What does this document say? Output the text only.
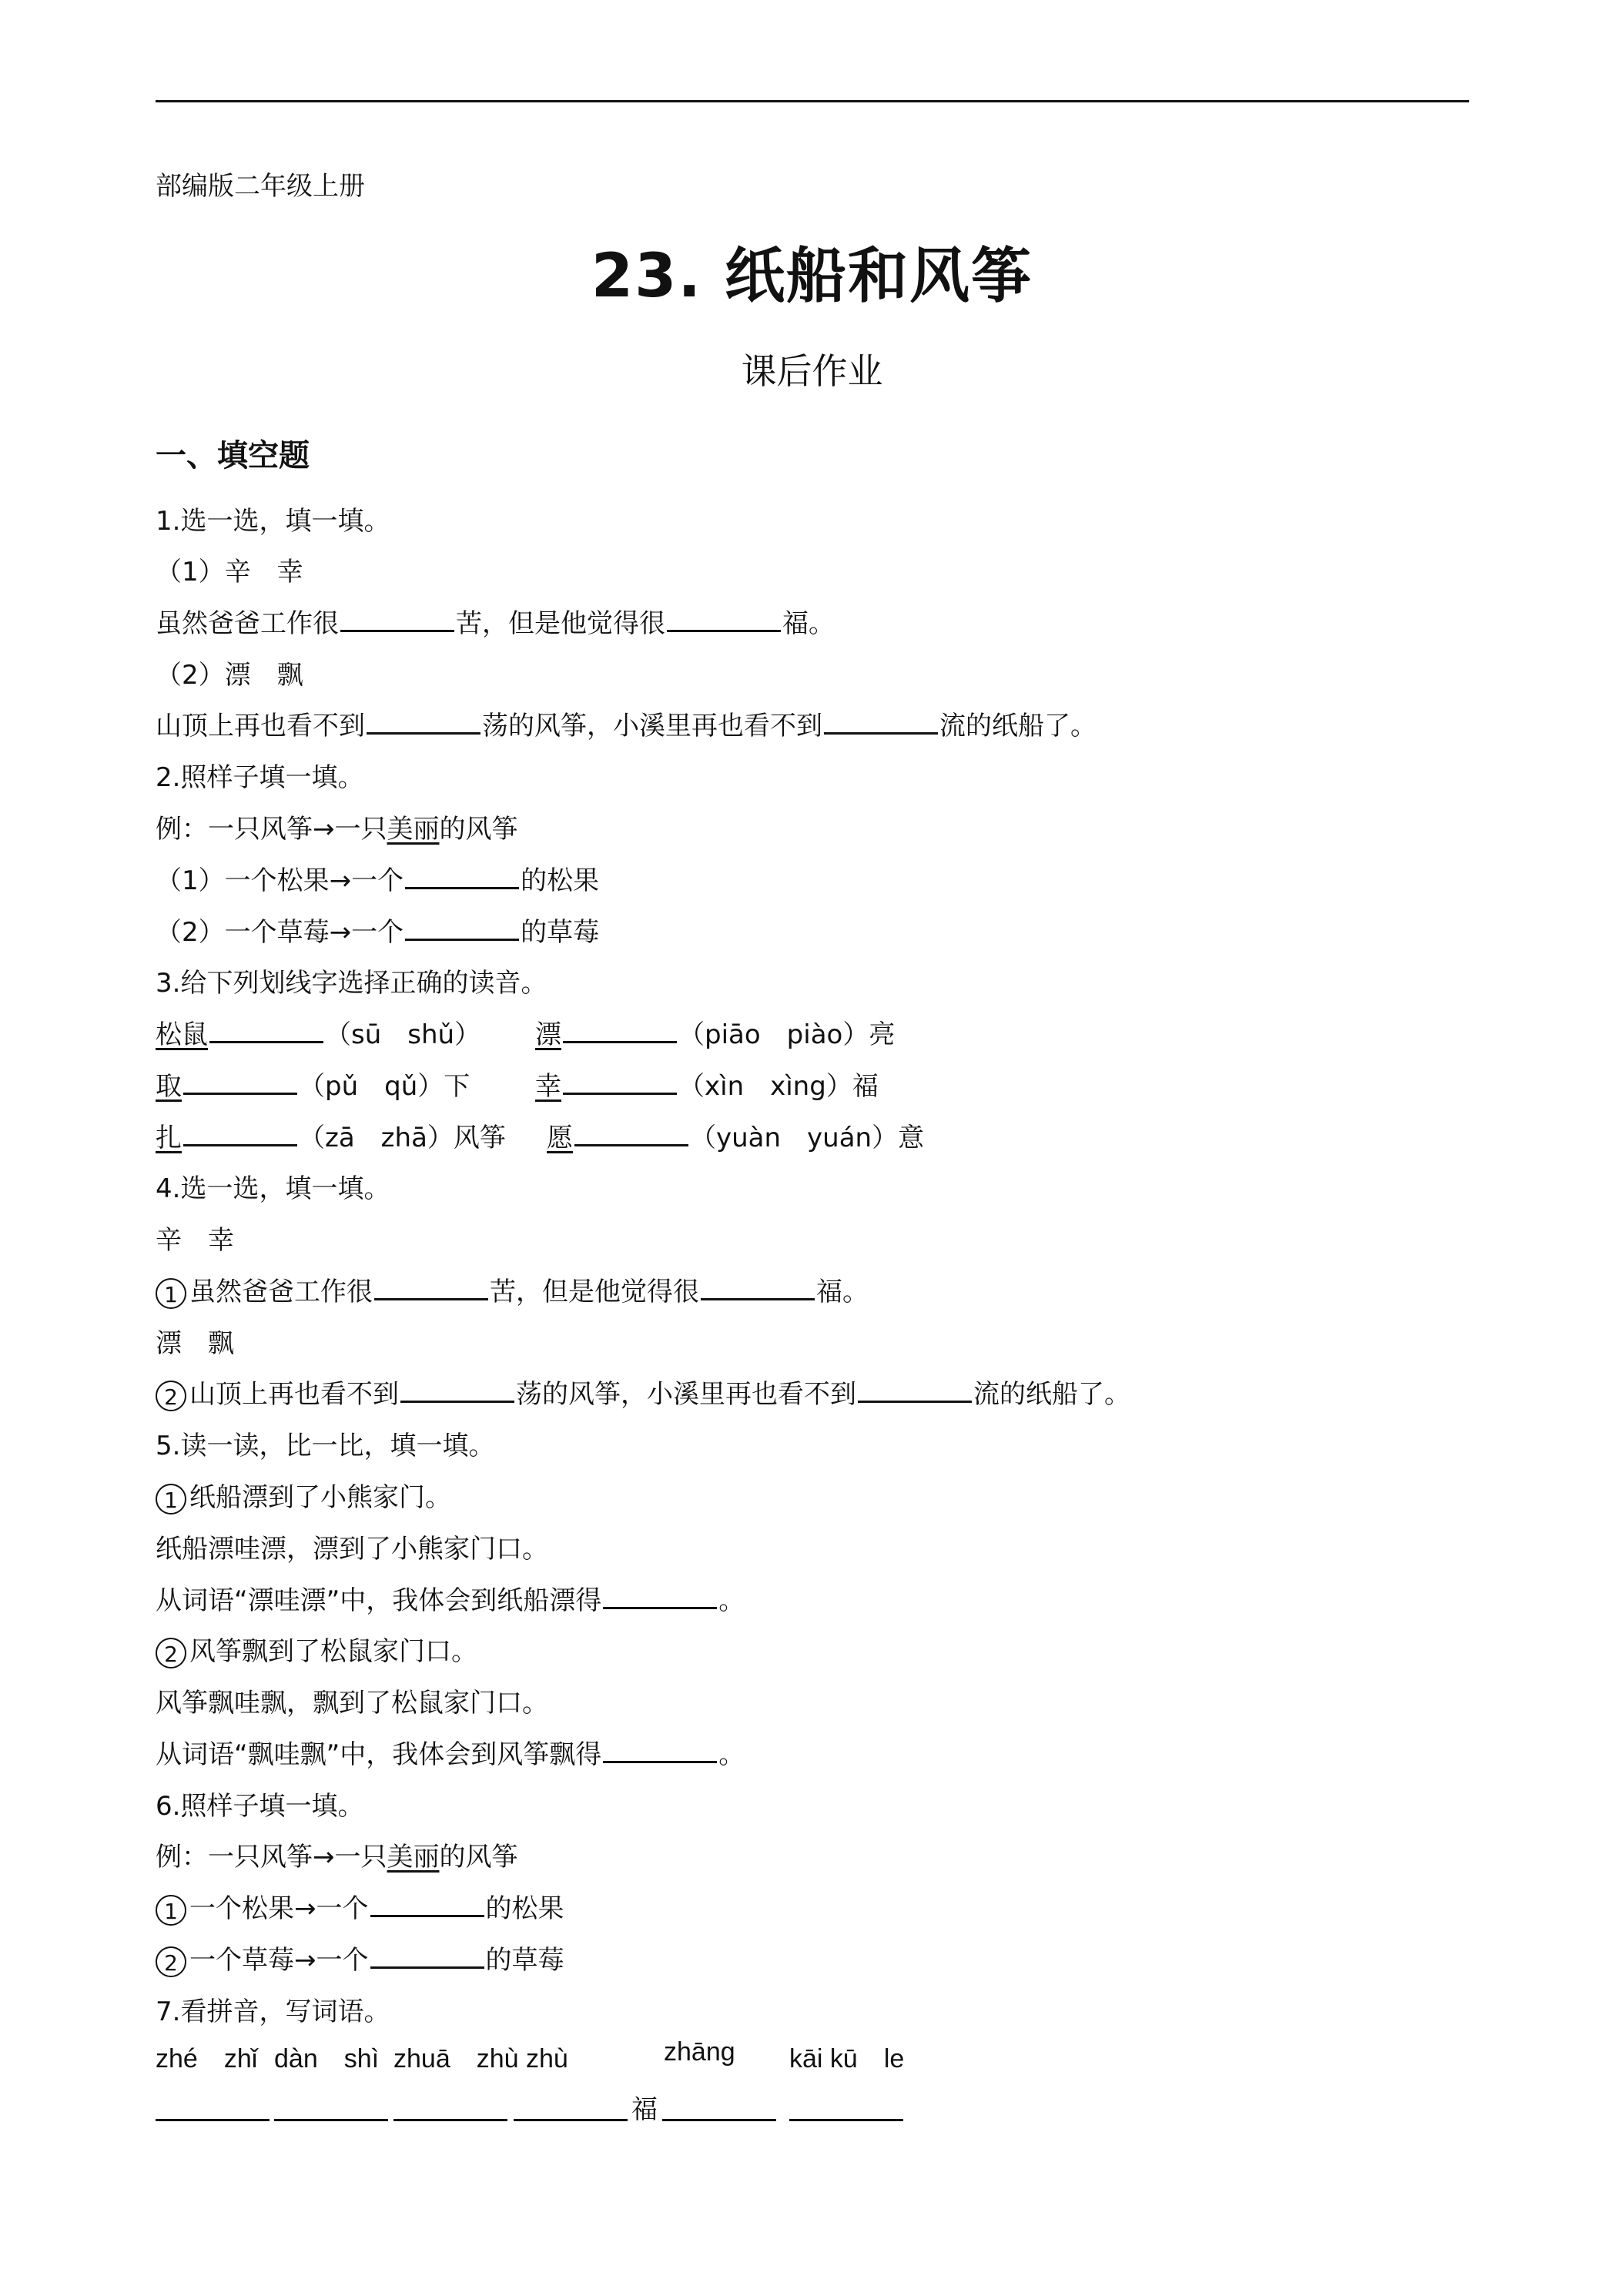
部编版二年级上册
23. 纸船和风筝
课后作业
一、填空题
1.选一选，填一填。
（1）辛　幸
虽然爸爸工作很	苦，但是他觉得很	福。
（2）漂　飘
山顶上再也看不到	荡的风筝，小溪里再也看不到	流的纸船了。
2.照样子填一填。
例：一只风筝→一只美丽的风筝
（1）一个松果→一个	的松果
（2）一个草莓→一个	的草莓
3.给下列划线字选择正确的读音。
松鼠	（sū　shǔ） 漂	（piāo　piào）亮
取	（pǔ　qǔ）下 幸	（xìn　xìng）福
扎	（zā　zhā）风筝 愿	（yuàn　yuán）意
4.选一选，填一填。
辛　幸
1 虽然爸爸工作很	苦，但是他觉得很	福。
漂　飘
2 山顶上再也看不到	荡的风筝，小溪里再也看不到	流的纸船了。
5.读一读，比一比，填一填。
1 纸船漂到了小熊家门。
纸船漂哇漂，漂到了小熊家门口。
从词语“漂哇漂”中，我体会到纸船漂得	。
2 风筝飘到了松鼠家门口。
风筝飘哇飘，飘到了松鼠家门口。
从词语“飘哇飘”中，我体会到风筝飘得	。
6.照样子填一填。
例：一只风筝→一只美丽的风筝
1 一个松果→一个	的松果
2 一个草莓→一个	的草莓
7.看拼音，写词语。
zhé　zhǐ dàn　shì zhuā　zhù zhù	zhāng kāi kū　le
福
